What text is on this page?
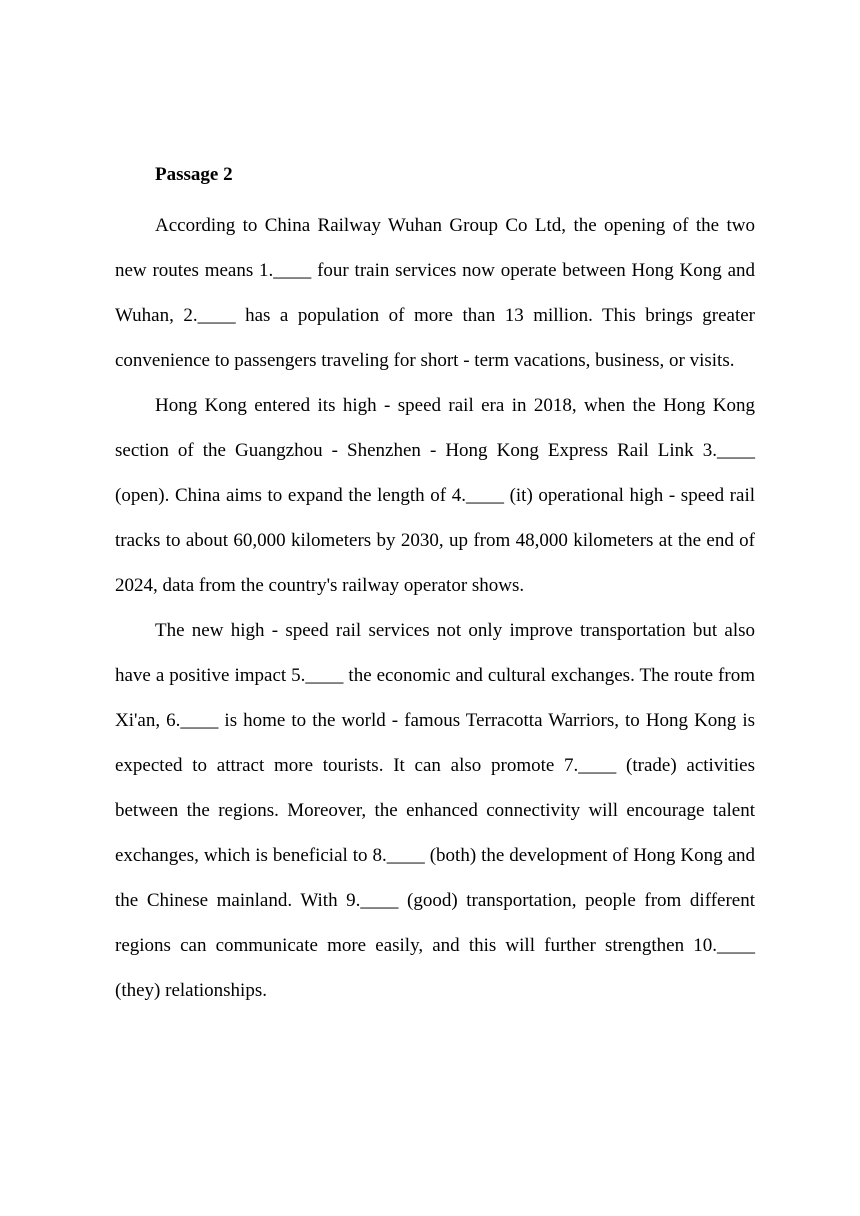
Passage 2

According to China Railway Wuhan Group Co Ltd, the opening of the two new routes means 1.____ four train services now operate between Hong Kong and Wuhan, 2.____ has a population of more than 13 million. This brings greater convenience to passengers traveling for short - term vacations, business, or visits.

Hong Kong entered its high - speed rail era in 2018, when the Hong Kong section of the Guangzhou - Shenzhen - Hong Kong Express Rail Link 3.____ (open). China aims to expand the length of 4.____ (it) operational high - speed rail tracks to about 60,000 kilometers by 2030, up from 48,000 kilometers at the end of 2024, data from the country's railway operator shows.

The new high - speed rail services not only improve transportation but also have a positive impact 5.____ the economic and cultural exchanges. The route from Xi'an, 6.____ is home to the world - famous Terracotta Warriors, to Hong Kong is expected to attract more tourists. It can also promote 7.____ (trade) activities between the regions. Moreover, the enhanced connectivity will encourage talent exchanges, which is beneficial to 8.____ (both) the development of Hong Kong and the Chinese mainland. With 9.____ (good) transportation, people from different regions can communicate more easily, and this will further strengthen 10.____ (they) relationships.
